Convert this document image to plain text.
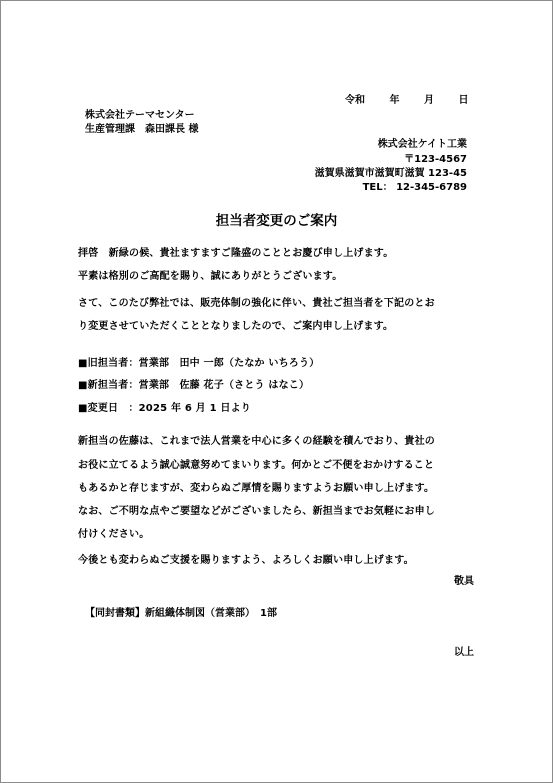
令和 年 月 日
株式会社テーマセンター
生産管理課　森田課長 様
株式会社ケイト工業
〒123-4567
滋賀県滋賀市滋賀町滋賀 123-45
TEL： 12-345-6789
担当者変更のご案内
拝啓　新緑の候、貴社ますますご隆盛のこととお慶び申し上げます。
平素は格別のご高配を賜り、誠にありがとうございます。
さて、このたび弊社では、販売体制の強化に伴い、貴社ご担当者を下記のとお
り変更させていただくこととなりましたので、ご案内申し上げます。
■旧担当者：営業部　田中 一郎（たなか いちろう）
■新担当者：営業部　佐藤 花子（さとう はなこ）
■変更日　：2025 年 6 月 1 日より
新担当の佐藤は、これまで法人営業を中心に多くの経験を積んでおり、貴社の
お役に立てるよう誠心誠意努めてまいります。何かとご不便をおかけすること
もあるかと存じますが、変わらぬご厚情を賜りますようお願い申し上げます。
なお、ご不明な点やご要望などがございましたら、新担当までお気軽にお申し
付けください。
今後とも変わらぬご支援を賜りますよう、よろしくお願い申し上げます。
敬具
【同封書類】新組織体制図（営業部）　1部
以上
